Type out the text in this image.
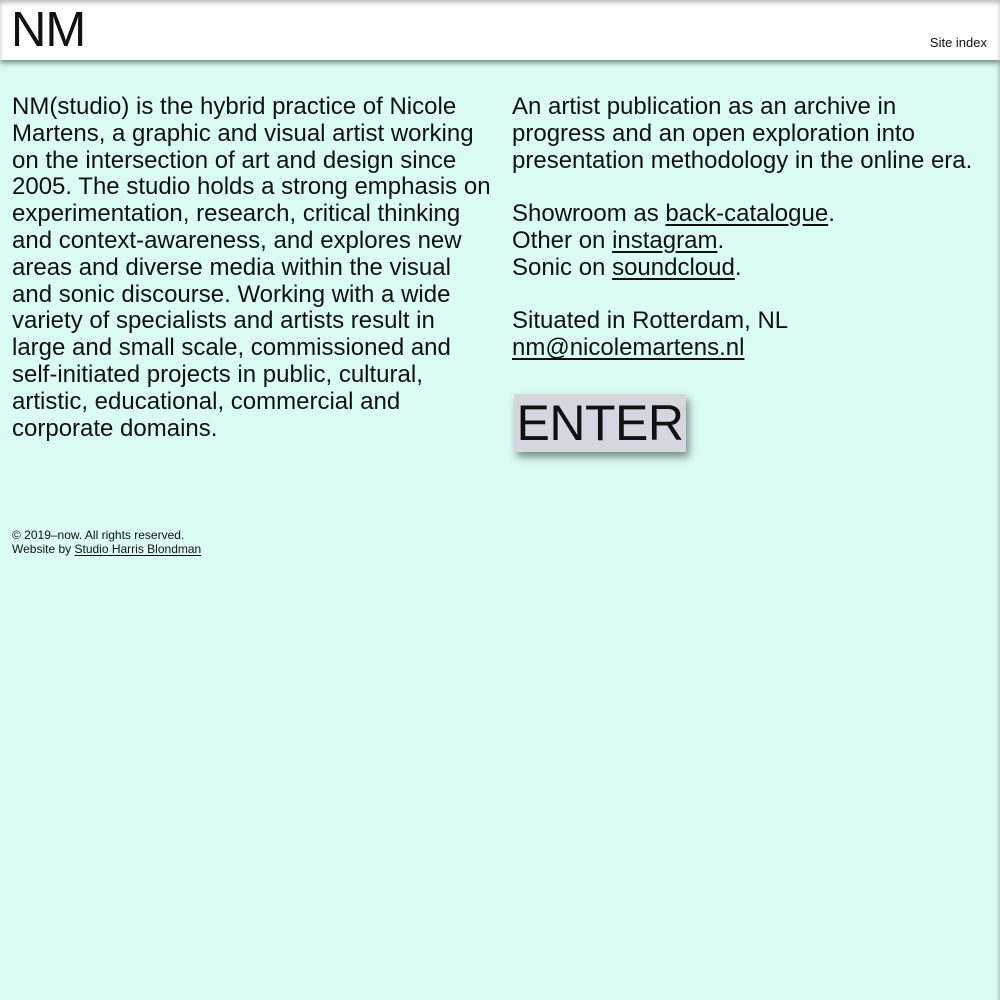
NM	Site index
NM(studio) is the hybrid practice of Nicole
Martens, a graphic and visual artist working
on the intersection of art and design since
2005. The studio holds a strong emphasis on
experimentation, research, critical thinking
and context-awareness, and explores new
areas and diverse media within the visual
and sonic discourse. Working with a wide
variety of specialists and artists result in
large and small scale, commissioned and
self-initiated projects in public, cultural,
artistic, educational, commercial and
corporate domains.
An artist publication as an archive in
progress and an open exploration into
presentation methodology in the online era.
Showroom as back-catalogue.
Other on instagram.
Sonic on soundcloud.
Situated in Rotterdam, NL
nm@nicolemartens.nl
ENTER
© 2019–now. All rights reserved.
Website by Studio Harris Blondman
